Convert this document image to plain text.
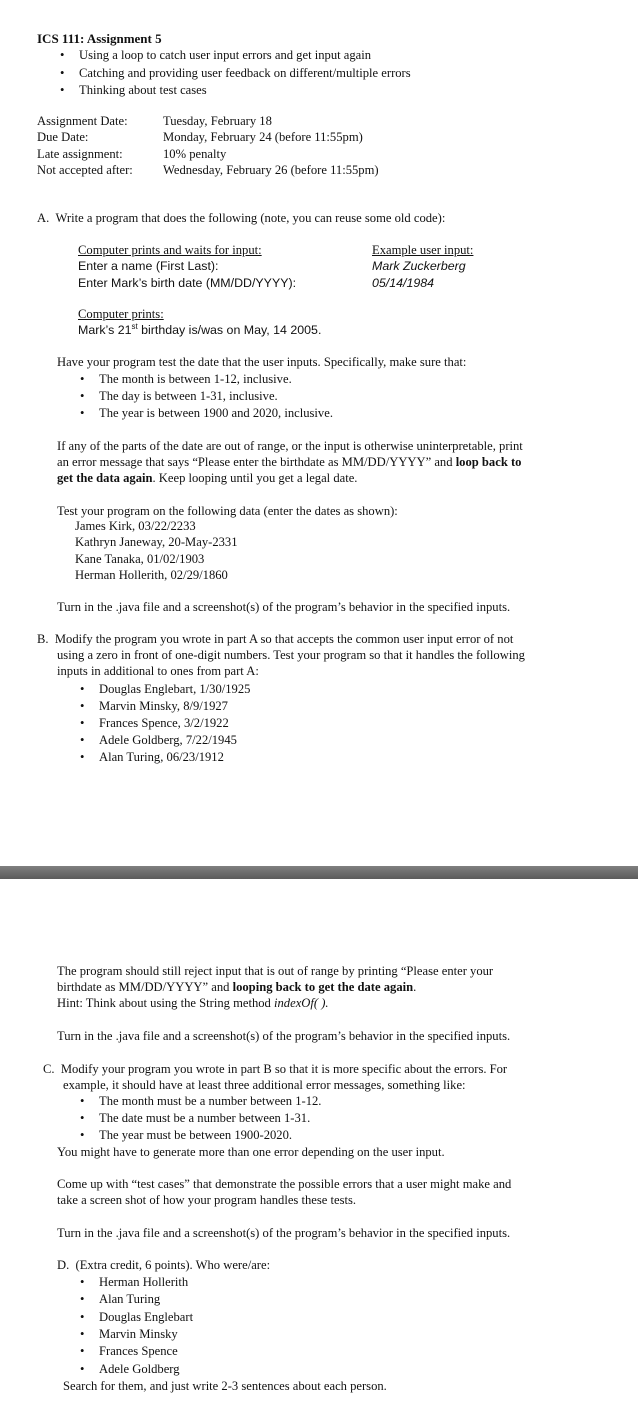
ICS 111: Assignment 5
• Using a loop to catch user input errors and get input again
• Catching and providing user feedback on different/multiple errors
• Thinking about test cases
Assignment Date:	Tuesday, February 18
Due Date:	Monday, February 24 (before 11:55pm)
Late assignment:	10% penalty
Not accepted after: Wednesday, February 26 (before 11:55pm)
A. Write a program that does the following (note, you can reuse some old code):
Computer prints and waits for input:	Example user input:
Enter a name (First Last):	Mark Zuckerberg
Enter Mark’s birth date (MM/DD/YYYY):	05/14/1984
Computer prints:
Mark’s 21st birthday is/was on May, 14 2005.
Have your program test the date that the user inputs. Specifically, make sure that:
• The month is between 1-12, inclusive.
• The day is between 1-31, inclusive.
• The year is between 1900 and 2020, inclusive.
If any of the parts of the date are out of range, or the input is otherwise uninterpretable, print
an error message that says “Please enter the birthdate as MM/DD/YYYY” and loop back to
get the data again. Keep looping until you get a legal date.
Test your program on the following data (enter the dates as shown):
James Kirk, 03/22/2233
Kathryn Janeway, 20-May-2331
Kane Tanaka, 01/02/1903
Herman Hollerith, 02/29/1860
Turn in the .java file and a screenshot(s) of the program’s behavior in the specified inputs.
B. Modify the program you wrote in part A so that accepts the common user input error of not
using a zero in front of one-digit numbers. Test your program so that it handles the following
inputs in additional to ones from part A:
• Douglas Englebart, 1/30/1925
• Marvin Minsky, 8/9/1927
• Frances Spence, 3/2/1922
• Adele Goldberg, 7/22/1945
• Alan Turing, 06/23/1912
The program should still reject input that is out of range by printing “Please enter your
birthdate as MM/DD/YYYY” and looping back to get the date again.
Hint: Think about using the String method indexOf( ).
Turn in the .java file and a screenshot(s) of the program’s behavior in the specified inputs.
C. Modify your program you wrote in part B so that it is more specific about the errors. For
example, it should have at least three additional error messages, something like:
• The month must be a number between 1-12.
• The date must be a number between 1-31.
• The year must be between 1900-2020.
You might have to generate more than one error depending on the user input.
Come up with “test cases” that demonstrate the possible errors that a user might make and
take a screen shot of how your program handles these tests.
Turn in the .java file and a screenshot(s) of the program’s behavior in the specified inputs.
D. (Extra credit, 6 points). Who were/are:
• Herman Hollerith
• Alan Turing
• Douglas Englebart
• Marvin Minsky
• Frances Spence
• Adele Goldberg
Search for them, and just write 2-3 sentences about each person.
